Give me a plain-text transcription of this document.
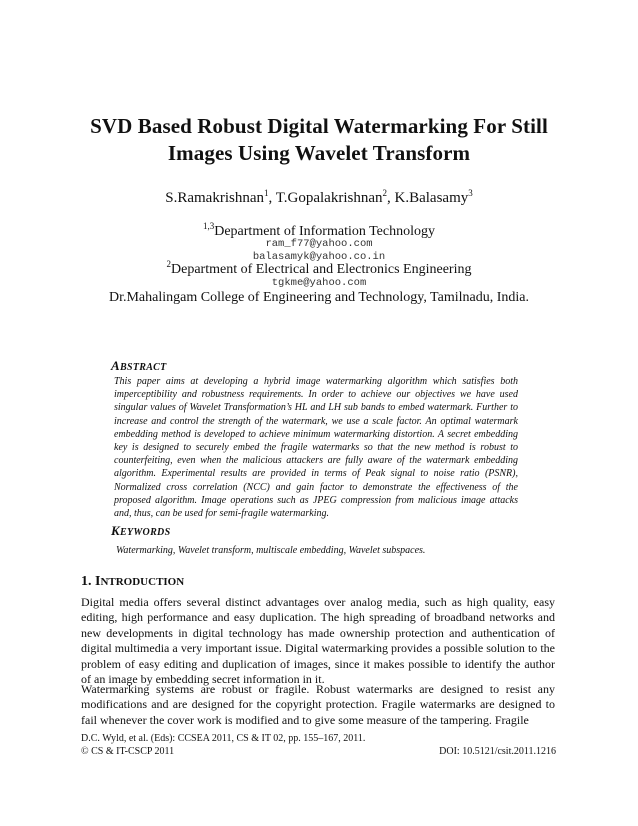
SVD Based Robust Digital Watermarking For Still
Images Using Wavelet Transform
S.Ramakrishnan$^1$, T.Gopalakrishnan$^2$, K.Balasamy$^3$
$^{1,3}$Department of Information Technology
ram_f77@yahoo.com
balasamyk@yahoo.co.in
$^2$Department of Electrical and Electronics Engineering
tgkme@yahoo.com
Dr.Mahalingam College of Engineering and Technology, Tamilnadu, India.
ABSTRACT
This paper aims at developing a hybrid image watermarking algorithm which satisfies both imperceptibility and robustness requirements. In order to achieve our objectives we have used singular values of Wavelet Transformation’s HL and LH sub bands to embed watermark. Further to increase and control the strength of the watermark, we use a scale factor. An optimal watermark embedding method is developed to achieve minimum watermarking distortion. A secret embedding key is designed to securely embed the fragile watermarks so that the new method is robust to counterfeiting, even when the malicious attackers are fully aware of the watermark embedding algorithm. Experimental results are provided in terms of Peak signal to noise ratio (PSNR), Normalized cross correlation (NCC) and gain factor to demonstrate the effectiveness of the proposed algorithm. Image operations such as JPEG compression from malicious image attacks and, thus, can be used for semi-fragile watermarking.
KEYWORDS
Watermarking, Wavelet transform, multiscale embedding, Wavelet subspaces.
1. INTRODUCTION
Digital media offers several distinct advantages over analog media, such as high quality, easy editing, high performance and easy duplication. The high spreading of broadband networks and new developments in digital technology has made ownership protection and authentication of digital multimedia a very important issue. Digital watermarking provides a possible solution to the problem of easy editing and duplication of images, since it makes possible to identify the author of an image by embedding secret information in it.
Watermarking systems are robust or fragile. Robust watermarks are designed to resist any modifications and are designed for the copyright protection. Fragile watermarks are designed to fail whenever the cover work is modified and to give some measure of the tampering. Fragile
D.C. Wyld, et al. (Eds): CCSEA 2011, CS & IT 02, pp. 155–167, 2011.
© CS & IT-CSCP 2011	DOI: 10.5121/csit.2011.1216
